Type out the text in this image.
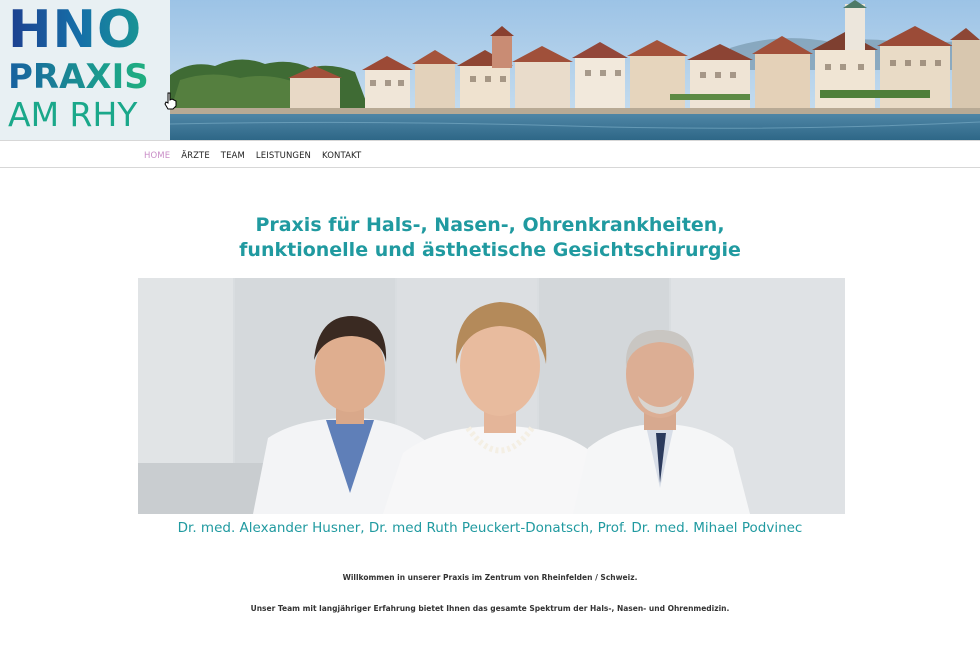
HNO
PRAXIS
AM RHY
HOME ÄRZTE TEAM LEISTUNGEN KONTAKT
Praxis für Hals-, Nasen-, Ohrenkrankheiten,
funktionelle und ästhetische Gesichtschirurgie

Dr. med. Alexander Husner, Dr. med Ruth Peuckert-Donatsch, Prof. Dr. med. Mihael Podvinec

Willkommen in unserer Praxis im Zentrum von Rheinfelden / Schweiz.

Unser Team mit langjähriger Erfahrung bietet Ihnen das gesamte Spektrum der Hals-, Nasen- und Ohrenmedizin.
